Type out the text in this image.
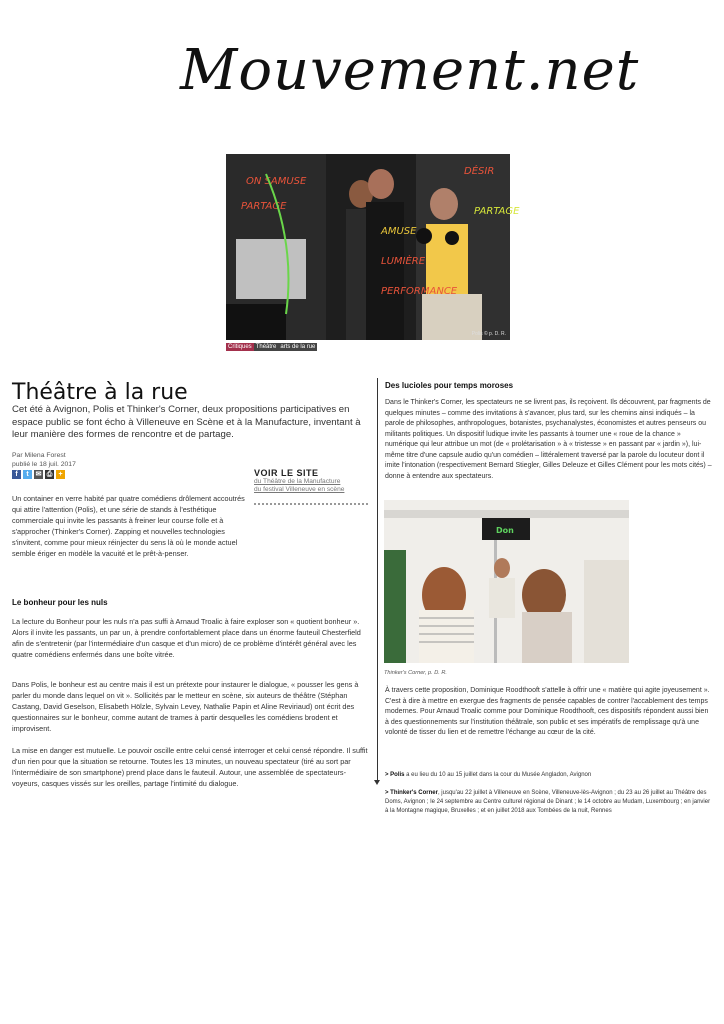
Mouvement.net
ON SAMUSE
PARTAGE
AMUSE
LUMIÈRE
PERFORMANCE
DÉSIR
PARTAGE
Polis © p. D. R.
Critiques Théâtre arts de la rue
Théâtre à la rue
Cet été à Avignon, Polis et Thinker's Corner, deux propositions participatives en espace public se font écho à Villeneuve en Scène et à la Manufacture, inventant à leur manière des formes de rencontre et de partage.
Par Milena Forest
publié le 18 juil. 2017
f	t ✉ ⎙ +	VOIR LE SITE
du Théâtre de la Manufacture
du festival Villeneuve en scène
Un container en verre habité par quatre comédiens drôlement accoutrés qui attire l'attention (Polis), et une série de stands à l'esthétique commerciale qui invite les passants à freiner leur course folle et à s'approcher (Thinker's Corner). Zapping et nouvelles technologies s'invitent, comme pour mieux réinjecter du sens là où le monde actuel semble ériger en modèle la vacuité et le prêt-à-penser.
Le bonheur pour les nuls
La lecture du Bonheur pour les nuls n'a pas suffi à Arnaud Troalic à faire exploser son « quotient bonheur ». Alors il invite les passants, un par un, à prendre confortablement place dans un énorme fauteuil Chesterfield afin de s'entretenir (par l'intermédiaire d'un casque et d'un micro) de ce problème d'intérêt général avec les quatre comédiens enfermés dans une boîte vitrée.
Dans Polis, le bonheur est au centre mais il est un prétexte pour instaurer le dialogue, « pousser les gens à parler du monde dans lequel on vit ». Sollicités par le metteur en scène, six auteurs de théâtre (Stéphan Castang, David Geselson, Elisabeth Hölzle, Sylvain Levey, Nathalie Papin et Aline Reviriaud) ont écrit des questionnaires sur le bonheur, comme autant de trames à partir desquelles les comédiens brodent et improvisent.
La mise en danger est mutuelle. Le pouvoir oscille entre celui censé interroger et celui censé répondre. Il suffit d'un rien pour que la situation se retourne. Toutes les 13 minutes, un nouveau spectateur (tiré au sort par l'intermédiaire de son smartphone) prend place dans le fauteuil. Autour, une assemblée de spectateurs-voyeurs, casques vissés sur les oreilles, partage l'intimité du dialogue.
Des lucioles pour temps moroses
Dans le Thinker's Corner, les spectateurs ne se livrent pas, ils reçoivent. Ils découvrent, par fragments de quelques minutes – comme des invitations à s'avancer, plus tard, sur les chemins ainsi indiqués – la parole de philosophes, anthropologues, botanistes, psychanalystes, économistes et autres penseurs ou militants politiques. Un dispositif ludique invite les passants à tourner une « roue de la chance » numérique qui leur attribue un mot (de « prolétarisation » à « tristesse » en passant par « jardin »), lui-même titre d'une capsule audio qu'un comédien – littéralement traversé par la parole du locuteur dont il imite l'intonation (respectivement Bernard Stiegler, Gilles Deleuze et Gilles Clément pour les mots cités) – donne à entendre aux spectateurs.
Don
Thinker's Corner, p. D. R.
À travers cette proposition, Dominique Roodthooft s'attelle à offrir une « matière qui agite joyeusement ». C'est à dire à mettre en exergue des fragments de pensée capables de contrer l'accablement des temps modernes. Pour Arnaud Troalic comme pour Dominique Roodthooft, ces dispositifs répondent aussi bien à des questionnements sur l'institution théâtrale, son public et ses impératifs de remplissage qu'à une volonté de tisser du lien et de remettre l'échange au cœur de la cité.
> Polis a eu lieu du 10 au 15 juillet dans la cour du Musée Angladon, Avignon
> Thinker's Corner, jusqu'au 22 juillet à Villeneuve en Scène, Villeneuve-lès-Avignon ; du 23 au 26 juillet au Théâtre des Doms, Avignon ; le 24 septembre au Centre culturel régional de Dinant ; le 14 octobre au Mudam, Luxembourg ; en janvier à la Montagne magique, Bruxelles ; et en juillet 2018 aux Tombées de la nuit, Rennes
